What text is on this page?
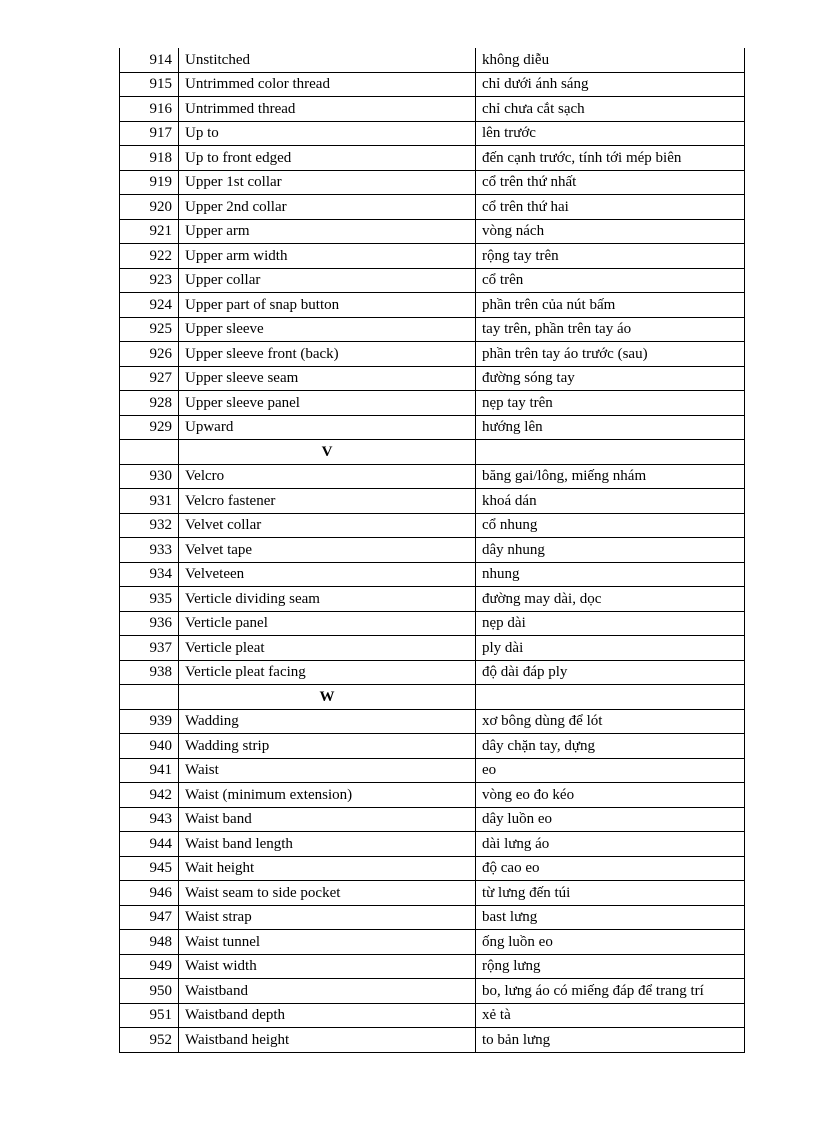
914	Unstitched	không diễu
915	Untrimmed color thread	chỉ dưới ánh sáng
916	Untrimmed thread	chỉ chưa cắt sạch
917	Up to	lên trước
918	Up to front edged	đến cạnh trước, tính tới mép biên
919	Upper 1st collar	cổ trên thứ nhất
920	Upper 2nd collar	cổ trên thứ hai
921	Upper arm	vòng nách
922	Upper arm width	rộng tay trên
923	Upper collar	cổ trên
924	Upper part of snap button	phần trên của nút bấm
925	Upper sleeve	tay trên, phần trên tay áo
926	Upper sleeve front (back)	phần trên tay áo trước (sau)
927	Upper sleeve seam	đường sóng tay
928	Upper sleeve panel	nẹp tay trên
929	Upward	hướng lên
	V	
930	Velcro	băng gai/lông, miếng nhám
931	Velcro fastener	khoá dán
932	Velvet collar	cổ nhung
933	Velvet tape	dây nhung
934	Velveteen	nhung
935	Verticle dividing seam	đường may dài, dọc
936	Verticle panel	nẹp dài
937	Verticle pleat	ply dài
938	Verticle pleat facing	độ dài đáp ply
	W	
939	Wadding	xơ bông dùng để lót
940	Wadding strip	dây chặn tay, dựng
941	Waist	eo
942	Waist (minimum extension)	vòng eo đo kéo
943	Waist band	dây luồn eo
944	Waist band length	dài lưng áo
945	Wait height	độ cao eo
946	Waist seam to side pocket	từ lưng đến túi
947	Waist strap	bast lưng
948	Waist tunnel	ống luồn eo
949	Waist width	rộng lưng
950	Waistband	bo, lưng áo có miếng đáp để trang trí
951	Waistband depth	xẻ tà
952	Waistband height	to bản lưng
